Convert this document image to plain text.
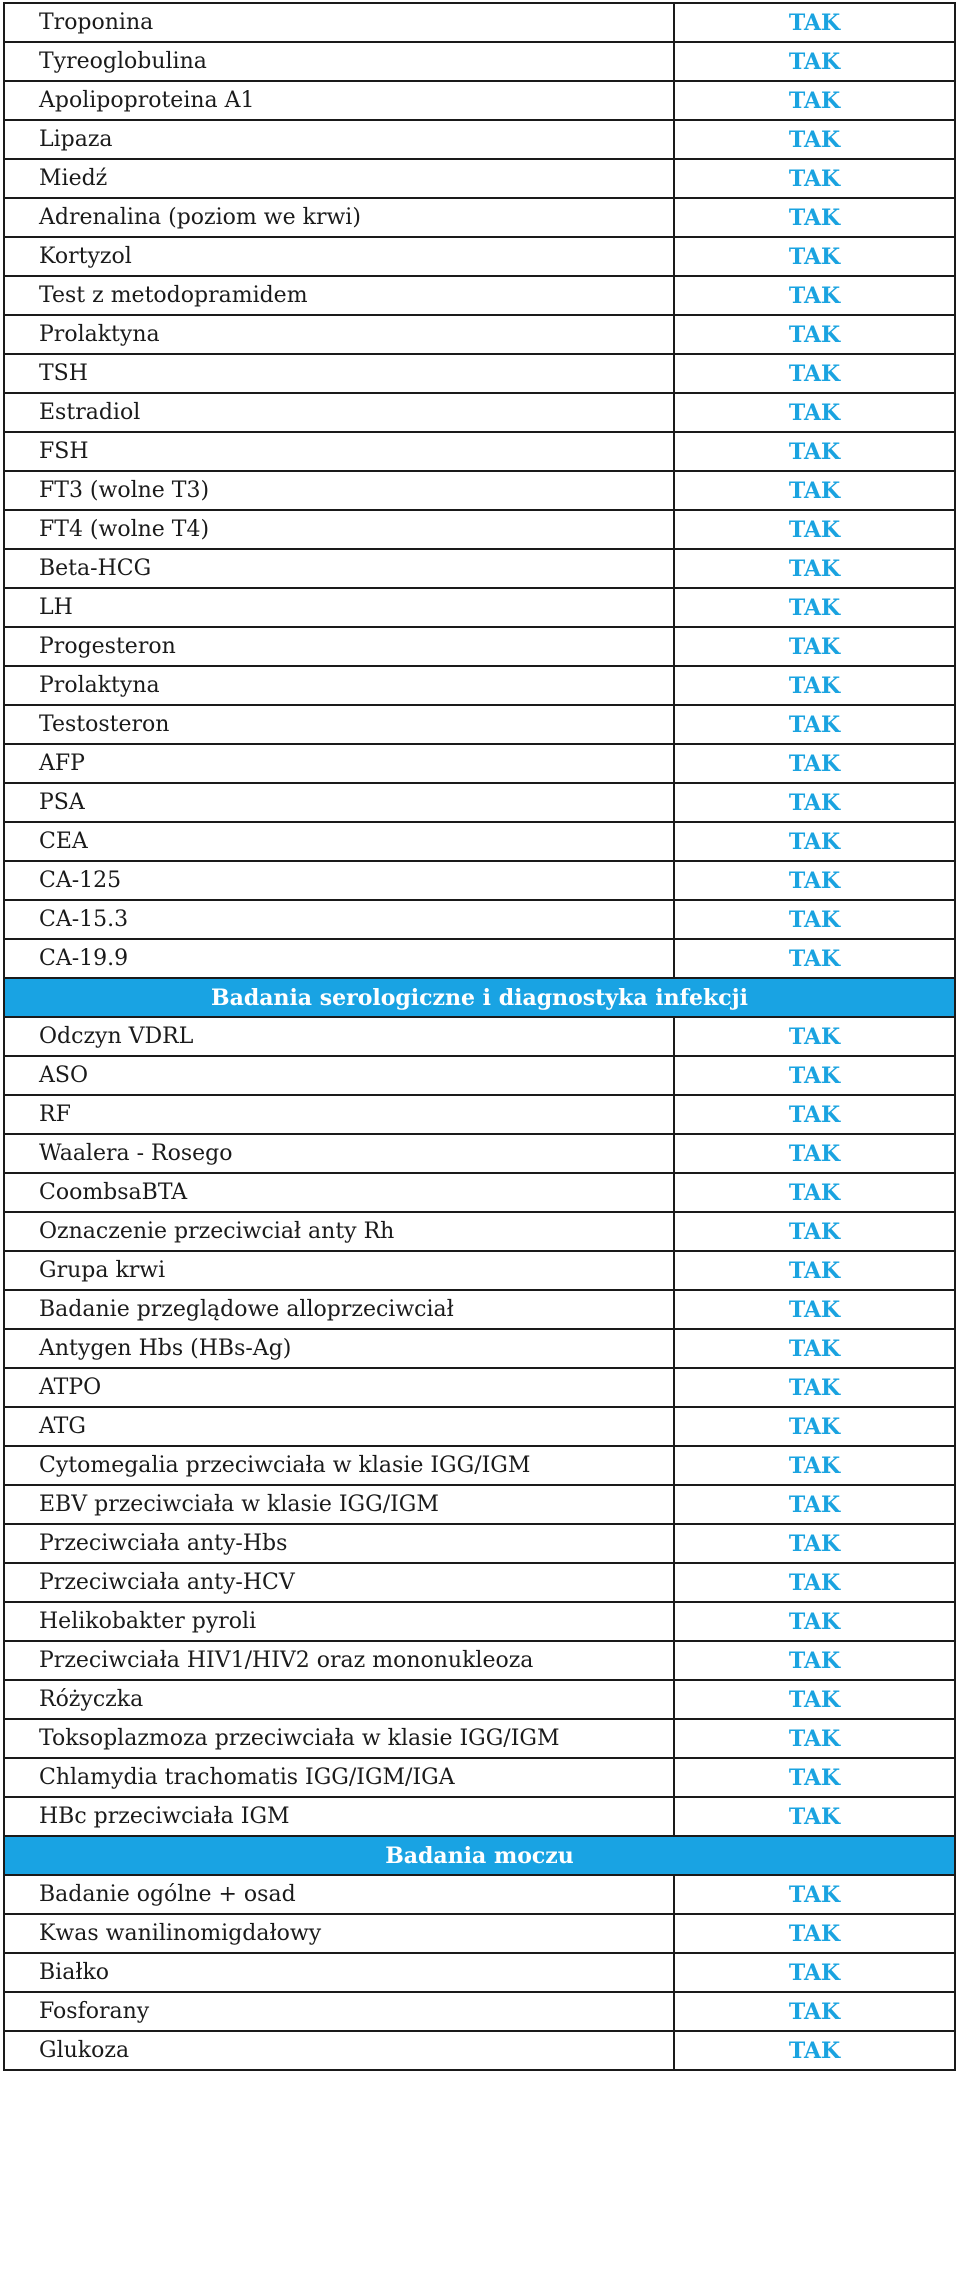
Troponina	TAK
Tyreoglobulina	TAK
Apolipoproteina A1	TAK
Lipaza	TAK
Miedź	TAK
Adrenalina (poziom we krwi)	TAK
Kortyzol	TAK
Test z metodopramidem	TAK
Prolaktyna	TAK
TSH	TAK
Estradiol	TAK
FSH	TAK
FT3 (wolne T3)	TAK
FT4 (wolne T4)	TAK
Beta-HCG	TAK
LH	TAK
Progesteron	TAK
Prolaktyna	TAK
Testosteron	TAK
AFP	TAK
PSA	TAK
CEA	TAK
CA-125	TAK
CA-15.3	TAK
CA-19.9	TAK
Badania serologiczne i diagnostyka infekcji	
Odczyn VDRL	TAK
ASO	TAK
RF	TAK
Waalera - Rosego	TAK
CoombsaBTA	TAK
Oznaczenie przeciwciał anty Rh	TAK
Grupa krwi	TAK
Badanie przeglądowe alloprzeciwciał	TAK
Antygen Hbs (HBs-Ag)	TAK
ATPO	TAK
ATG	TAK
Cytomegalia przeciwciała w klasie IGG/IGM	TAK
EBV przeciwciała w klasie IGG/IGM	TAK
Przeciwciała anty-Hbs	TAK
Przeciwciała anty-HCV	TAK
Helikobakter pyroli	TAK
Przeciwciała HIV1/HIV2 oraz mononukleoza	TAK
Różyczka	TAK
Toksoplazmoza przeciwciała w klasie IGG/IGM	TAK
Chlamydia trachomatis IGG/IGM/IGA	TAK
HBc przeciwciała IGM	TAK
Badania moczu	
Badanie ogólne + osad	TAK
Kwas wanilinomigdałowy	TAK
Białko	TAK
Fosforany	TAK
Glukoza	TAK
